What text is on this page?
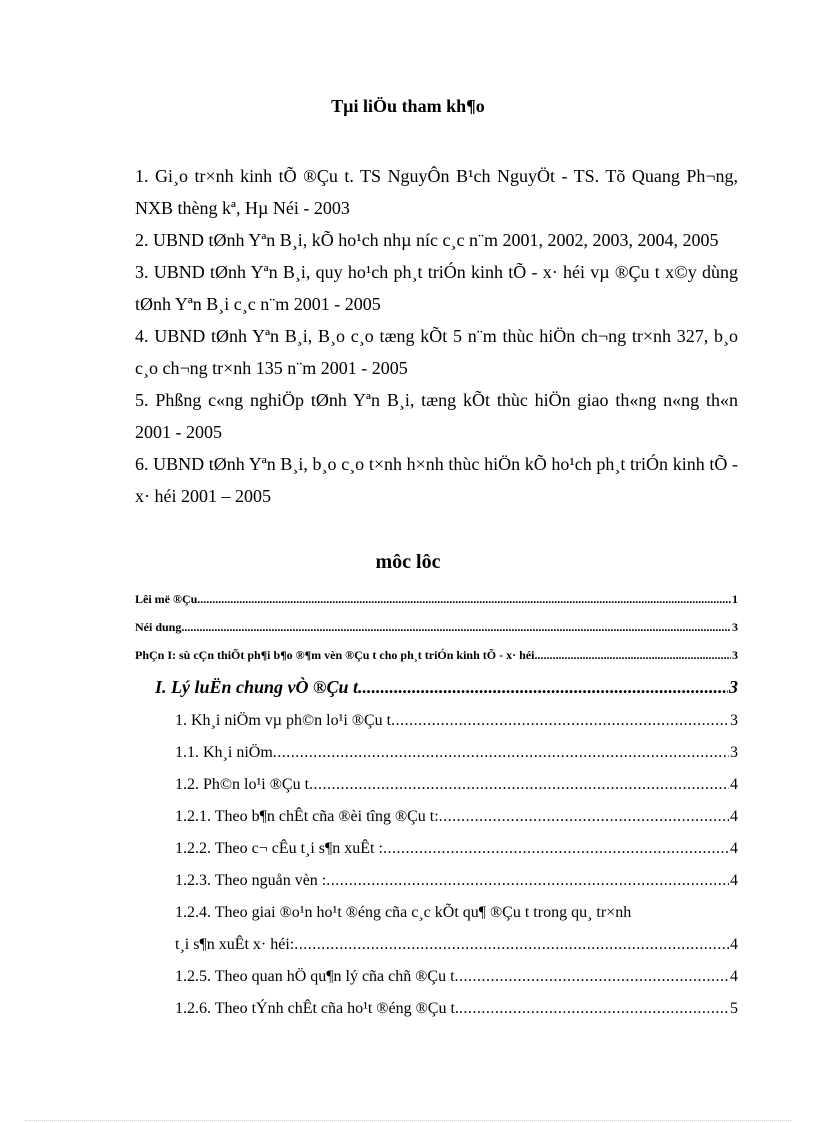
Tµi liÖu tham kh¶o

1. Gi¸o tr×nh kinh tÕ ®Çu t. TS NguyÔn B¹ch NguyÖt - TS. Tõ Quang Ph¬ng, NXB thèng kª, Hµ Néi - 2003

2. UBND tØnh Yªn B¸i, kÕ ho¹ch nhµ níc c¸c n¨m 2001, 2002, 2003, 2004, 2005

3. UBND tØnh Yªn B¸i, quy ho¹ch ph¸t triÓn kinh tÕ - x· héi vµ ®Çu t x©y dùng tØnh Yªn B¸i c¸c n¨m 2001 - 2005

4. UBND tØnh Yªn B¸i, B¸o c¸o tæng kÕt 5 n¨m thùc hiÖn ch¬ng tr×nh 327, b¸o c¸o ch¬ng tr×nh 135 n¨m 2001 - 2005

5. Phßng c«ng nghiÖp tØnh Yªn B¸i, tæng kÕt thùc hiÖn giao th«ng n«ng th«n 2001 - 2005

6. UBND tØnh Yªn B¸i, b¸o c¸o t×nh h×nh thùc hiÖn kÕ ho¹ch ph¸t triÓn kinh tÕ - x· héi 2001 – 2005

môc lôc
Lêi më ®Çu .....	1
Néi dung .....	3
PhÇn I: sù cÇn thiÕt ph¶i b¶o ®¶m vèn ®Çu t cho ph¸t triÓn kinh tÕ - x· héi .....	3
I. Lý luËn chung vÒ ®Çu t .....	3
1. Kh¸i niÖm vµ ph©n lo¹i ®Çu t .....	3
1.1. Kh¸i niÖm .....	3
1.2. Ph©n lo¹i ®Çu t .....	4
1.2.1. Theo b¶n chÊt cña ®èi tîng ®Çu t: .....	4
1.2.2. Theo c¬ cÊu t¸i s¶n xuÊt : .....	4
1.2.3. Theo nguån vèn : .....	4
1.2.4. Theo giai ®o¹n ho¹t ®éng cña c¸c kÕt qu¶ ®Çu t trong qu¸ tr×nh
t¸i s¶n xuÊt x· héi: .....	4
1.2.5. Theo quan hÖ qu¶n lý cña chñ ®Çu t .....	4
1.2.6. Theo tÝnh chÊt cña ho¹t ®éng ®Çu t. .....	5
